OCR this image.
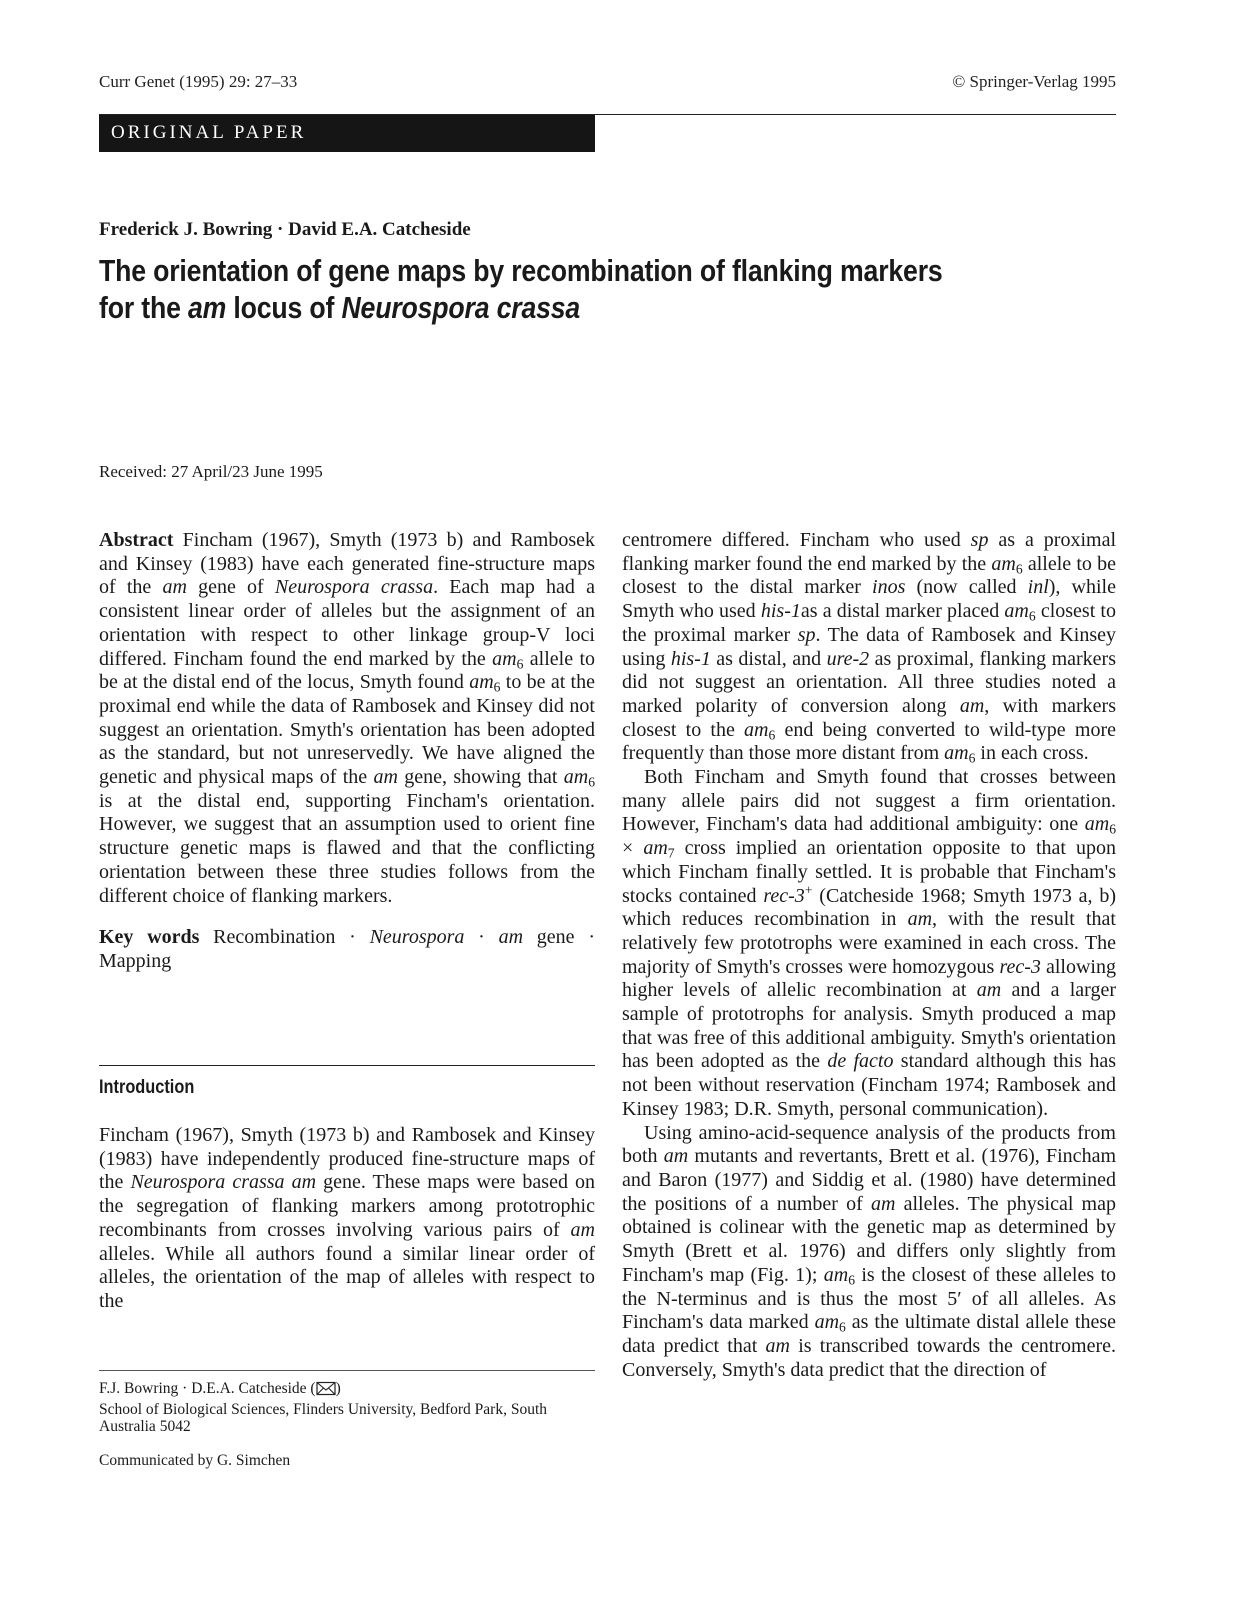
Curr Genet (1995) 29: 27–33	© Springer-Verlag 1995
ORIGINAL PAPER
Frederick J. Bowring · David E.A. Catcheside
The orientation of gene maps by recombination of flanking markers for the am locus of Neurospora crassa
Received: 27 April/23 June 1995

Abstract Fincham (1967), Smyth (1973 b) and Rambosek and Kinsey (1983) have each generated fine-structure maps of the am gene of Neurospora crassa. Each map had a consistent linear order of alleles but the assignment of an orientation with respect to other linkage group-V loci differed. Fincham found the end marked by the $am_6$ allele to be at the distal end of the locus, Smyth found $am_6$ to be at the proximal end while the data of Rambosek and Kinsey did not suggest an orientation. Smyth's orientation has been adopted as the standard, but not unreservedly. We have aligned the genetic and physical maps of the am gene, showing that $am_6$ is at the distal end, supporting Fincham's orientation. However, we suggest that an assumption used to orient fine structure genetic maps is flawed and that the conflicting orientation between these three studies follows from the different choice of flanking markers.

Key words Recombination · Neurospora · am gene · Mapping

Introduction

Fincham (1967), Smyth (1973 b) and Rambosek and Kinsey (1983) have independently produced fine-structure maps of the Neurospora crassa am gene. These maps were based on the segregation of flanking markers among prototrophic recombinants from crosses involving various pairs of am alleles. While all authors found a similar linear order of alleles, the orientation of the map of alleles with respect to the

F.J. Bowring · D.E.A. Catcheside ( )

School of Biological Sciences, Flinders University, Bedford Park, South Australia 5042

Communicated by G. Simchen

centromere differed. Fincham who used sp as a proximal flanking marker found the end marked by the $am_6$ allele to be closest to the distal marker inos (now called inl), while Smyth who used his-1as a distal marker placed $am_6$ closest to the proximal marker sp. The data of Rambosek and Kinsey using his-1 as distal, and ure-2 as proximal, flanking markers did not suggest an orientation. All three studies noted a marked polarity of conversion along am, with markers closest to the $am_6$ end being converted to wild-type more frequently than those more distant from $am_6$ in each cross.

Both Fincham and Smyth found that crosses between many allele pairs did not suggest a firm orientation. However, Fincham's data had additional ambiguity: one $am_6 \times am_7$ cross implied an orientation opposite to that upon which Fincham finally settled. It is probable that Fincham's stocks contained rec-3+ (Catcheside 1968; Smyth 1973 a, b) which reduces recombination in am, with the result that relatively few prototrophs were examined in each cross. The majority of Smyth's crosses were homozygous rec-3 allowing higher levels of allelic recombination at am and a larger sample of prototrophs for analysis. Smyth produced a map that was free of this additional ambiguity. Smyth's orientation has been adopted as the de facto standard although this has not been without reservation (Fincham 1974; Rambosek and Kinsey 1983; D.R. Smyth, personal communication).

Using amino-acid-sequence analysis of the products from both am mutants and revertants, Brett et al. (1976), Fincham and Baron (1977) and Siddig et al. (1980) have determined the positions of a number of am alleles. The physical map obtained is colinear with the genetic map as determined by Smyth (Brett et al. 1976) and differs only slightly from Fincham's map (Fig. 1); $am_6$ is the closest of these alleles to the N-terminus and is thus the most 5′ of all alleles. As Fincham's data marked $am_6$ as the ultimate distal allele these data predict that am is transcribed towards the centromere. Conversely, Smyth's data predict that the direction of
